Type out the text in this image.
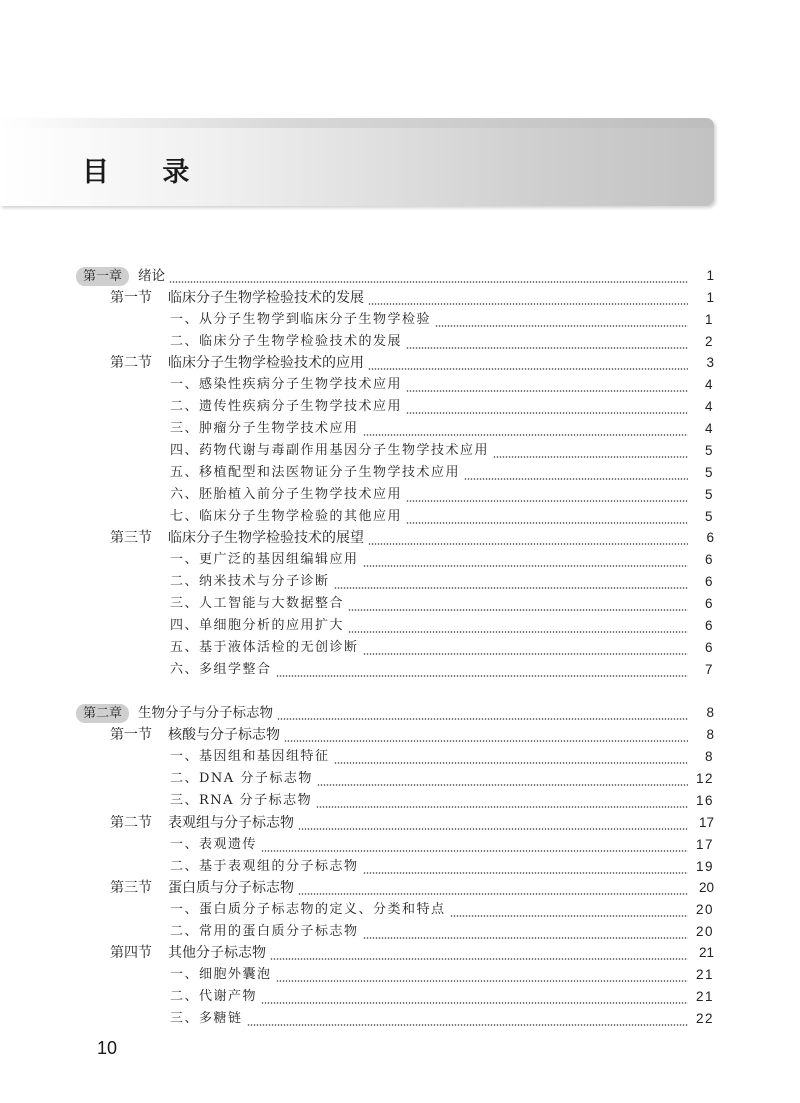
目 录
第一章	绪论	1
第一节	临床分子生物学检验技术的发展	1
一、从分子生物学到临床分子生物学检验	1
二、临床分子生物学检验技术的发展	2
第二节	临床分子生物学检验技术的应用	3
一、感染性疾病分子生物学技术应用	4
二、遗传性疾病分子生物学技术应用	4
三、肿瘤分子生物学技术应用	4
四、药物代谢与毒副作用基因分子生物学技术应用	5
五、移植配型和法医物证分子生物学技术应用	5
六、胚胎植入前分子生物学技术应用	5
七、临床分子生物学检验的其他应用	5
第三节	临床分子生物学检验技术的展望	6
一、更广泛的基因组编辑应用	6
二、纳米技术与分子诊断	6
三、人工智能与大数据整合	6
四、单细胞分析的应用扩大	6
五、基于液体活检的无创诊断	6
六、多组学整合	7
第二章	生物分子与分子标志物	8
第一节	核酸与分子标志物	8
一、基因组和基因组特征	8
二、DNA 分子标志物	12
三、RNA 分子标志物	16
第二节	表观组与分子标志物	17
一、表观遗传	17
二、基于表观组的分子标志物	19
第三节	蛋白质与分子标志物	20
一、蛋白质分子标志物的定义、分类和特点	20
二、常用的蛋白质分子标志物	20
第四节	其他分子标志物	21
一、细胞外囊泡	21
二、代谢产物	21
三、多糖链	22
10
